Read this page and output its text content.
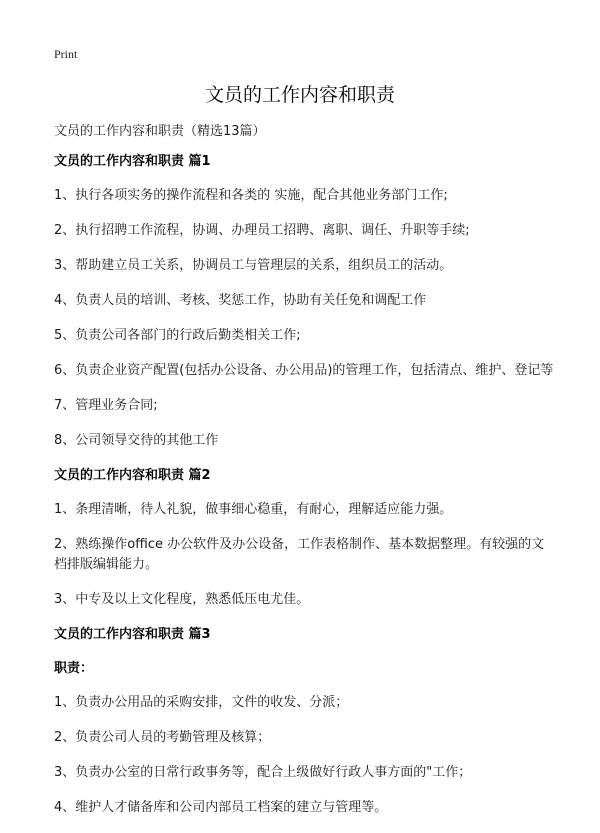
Print
文员的工作内容和职责

文员的工作内容和职责（精选13篇）

文员的工作内容和职责 篇1

1、执行各项实务的操作流程和各类的 实施，配合其他业务部门工作;

2、执行招聘工作流程，协调、办理员工招聘、离职、调任、升职等手续;

3、帮助建立员工关系，协调员工与管理层的关系，组织员工的活动。

4、负责人员的培训、考核、奖惩工作，协助有关任免和调配工作

5、负责公司各部门的行政后勤类相关工作;

6、负责企业资产配置(包括办公设备、办公用品)的管理工作，包括清点、维护、登记等

7、管理业务合同;

8、公司领导交待的其他工作

文员的工作内容和职责 篇2

1、条理清晰，待人礼貌，做事细心稳重，有耐心，理解适应能力强。

2、熟练操作office 办公软件及办公设备，工作表格制作、基本数据整理。有较强的文档排版编辑能力。

3、中专及以上文化程度，熟悉低压电尤佳。

文员的工作内容和职责 篇3

职责：

1、负责办公用品的采购安排，文件的收发、分派；

2、负责公司人员的考勤管理及核算；

3、负责办公室的日常行政事务等，配合上级做好行政人事方面的"工作；

4、维护人才储备库和公司内部员工档案的建立与管理等。
